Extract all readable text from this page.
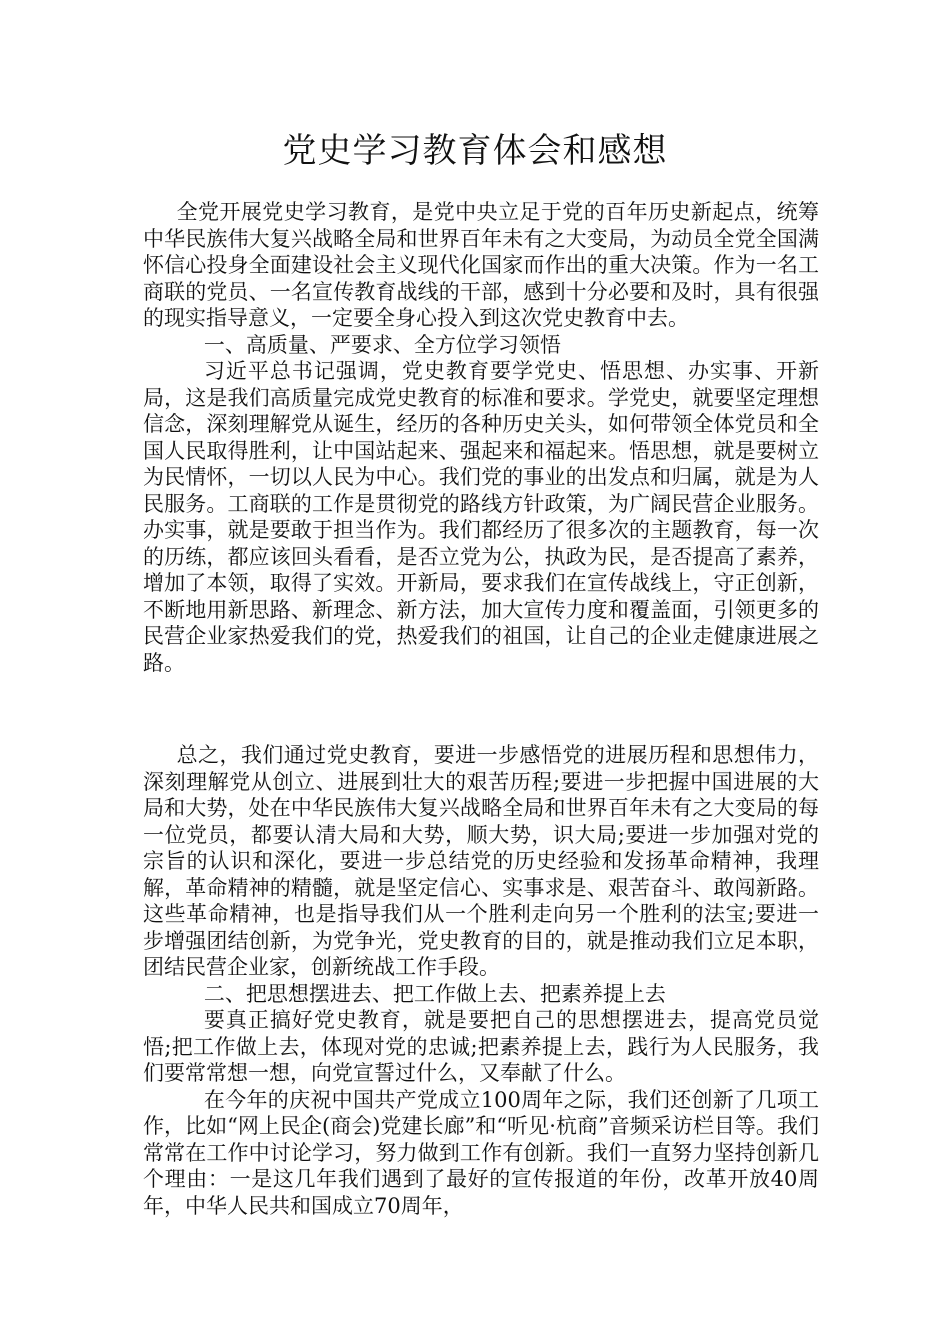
党史学习教育体会和感想

全党开展党史学习教育，是党中央立足于党的百年历史新起点，统筹中华民族伟大复兴战略全局和世界百年未有之大变局，为动员全党全国满怀信心投身全面建设社会主义现代化国家而作出的重大决策。作为一名工商联的党员、一名宣传教育战线的干部，感到十分必要和及时，具有很强的现实指导意义，一定要全身心投入到这次党史教育中去。

一、高质量、严要求、全方位学习领悟

习近平总书记强调，党史教育要学党史、悟思想、办实事、开新局，这是我们高质量完成党史教育的标准和要求。学党史，就要坚定理想信念，深刻理解党从诞生，经历的各种历史关头，如何带领全体党员和全国人民取得胜利，让中国站起来、强起来和福起来。悟思想，就是要树立为民情怀，一切以人民为中心。我们党的事业的出发点和归属，就是为人民服务。工商联的工作是贯彻党的路线方针政策，为广阔民营企业服务。办实事，就是要敢于担当作为。我们都经历了很多次的主题教育，每一次的历练，都应该回头看看，是否立党为公，执政为民，是否提高了素养，增加了本领，取得了实效。开新局，要求我们在宣传战线上，守正创新，不断地用新思路、新理念、新方法，加大宣传力度和覆盖面，引领更多的民营企业家热爱我们的党，热爱我们的祖国，让自己的企业走健康进展之路。

总之，我们通过党史教育，要进一步感悟党的进展历程和思想伟力，深刻理解党从创立、进展到壮大的艰苦历程;要进一步把握中国进展的大局和大势，处在中华民族伟大复兴战略全局和世界百年未有之大变局的每一位党员，都要认清大局和大势，顺大势，识大局;要进一步加强对党的宗旨的认识和深化，要进一步总结党的历史经验和发扬革命精神，我理解，革命精神的精髓，就是坚定信心、实事求是、艰苦奋斗、敢闯新路。这些革命精神，也是指导我们从一个胜利走向另一个胜利的法宝;要进一步增强团结创新，为党争光，党史教育的目的，就是推动我们立足本职，团结民营企业家，创新统战工作手段。

二、把思想摆进去、把工作做上去、把素养提上去

要真正搞好党史教育，就是要把自己的思想摆进去，提高党员觉悟;把工作做上去，体现对党的忠诚;把素养提上去，践行为人民服务，我们要常常想一想，向党宣誓过什么，又奉献了什么。

在今年的庆祝中国共产党成立100周年之际，我们还创新了几项工作，比如“网上民企(商会)党建长廊”和“听见·杭商”音频采访栏目等。我们常常在工作中讨论学习，努力做到工作有创新。我们一直努力坚持创新几个理由：一是这几年我们遇到了最好的宣传报道的年份，改革开放40周年，中华人民共和国成立70周年，
